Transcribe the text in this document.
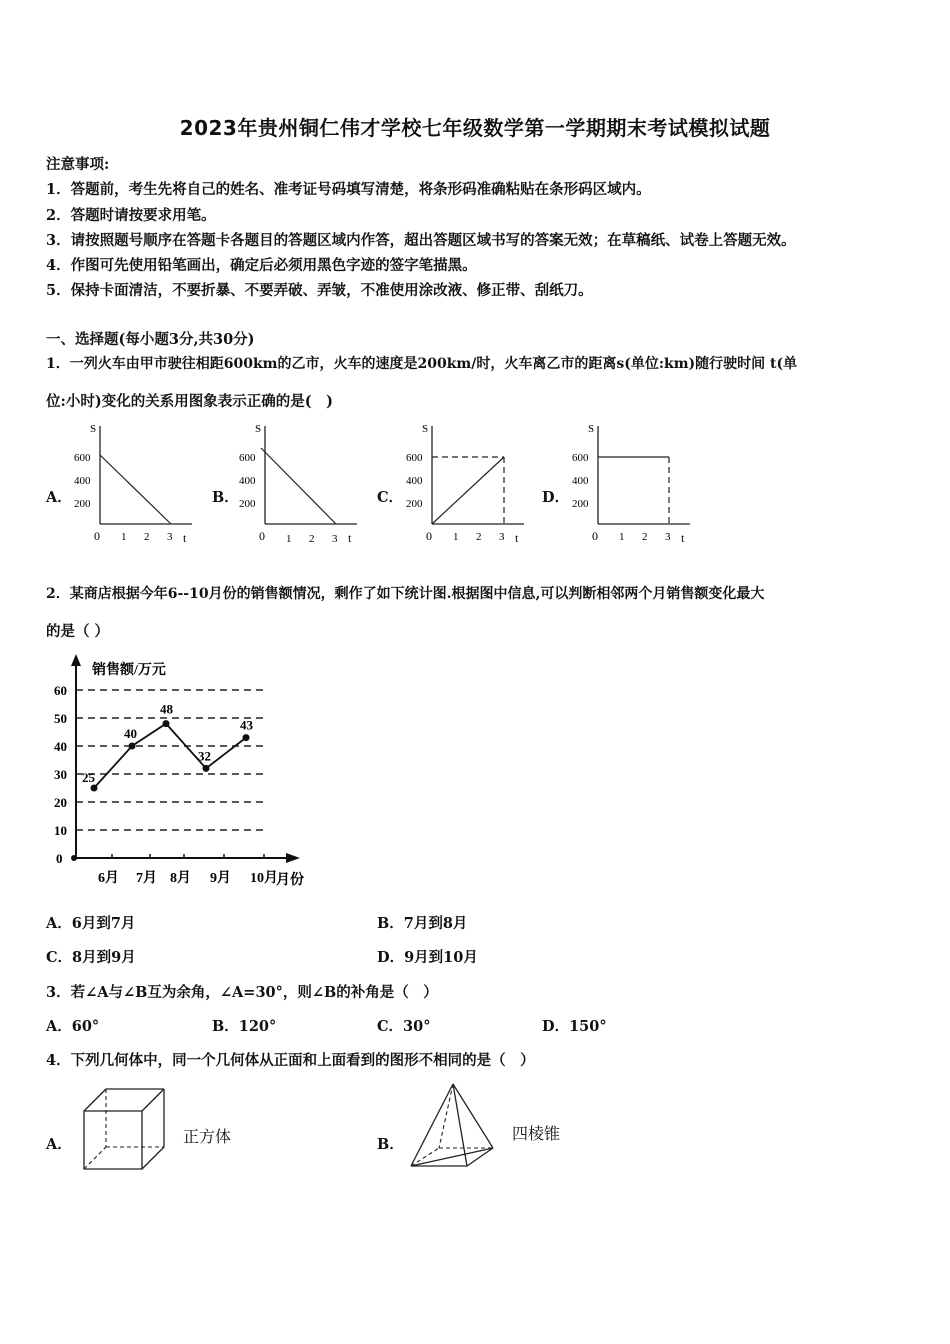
2023年贵州铜仁伟才学校七年级数学第一学期期末考试模拟试题
注意事项:
1．答题前，考生先将自己的姓名、准考证号码填写清楚，将条形码准确粘贴在条形码区域内。
2．答题时请按要求用笔。
3．请按照题号顺序在答题卡各题目的答题区域内作答，超出答题区域书写的答案无效；在草稿纸、试卷上答题无效。
4．作图可先使用铅笔画出，确定后必须用黑色字迹的签字笔描黑。
5．保持卡面清洁，不要折暴、不要弄破、弄皱，不准使用涂改液、修正带、刮纸刀。
一、选择题(每小题3分,共30分)
1．一列火车由甲市驶往相距600km的乙市，火车的速度是200km/时，火车离乙市的距离s(单位:km)随行驶时间 t(单
位:小时)变化的关系用图象表示正确的是(　)
A．	B．	C．	D．
S
t
600
400
200
0 1 2 3
S
t
600
400
200
0 1 2 3
S
t
600
400
200
0 1 2 3
S
t
600
400
200
0 1 2 3
2．某商店根据今年6--10月份的销售额情况，剩作了如下统计图.根据图中信息,可以判断相邻两个月销售额变化最大
的是（ ）
60
50
40
30
20
10
0
销售额/万元
月份
6月 7月 8月 9月 10月
25
40
48
32
43
A．6月到7月	B．7月到8月
C．8月到9月	D．9月到10月
3．若∠A与∠B互为余角，∠A=30°，则∠B的补角是（　）
A．60°	B．120°	C．30°	D．150°
4．下列几何体中，同一个几何体从正面和上面看到的图形不相同的是（　）
A．	正方体	B．
四棱锥
